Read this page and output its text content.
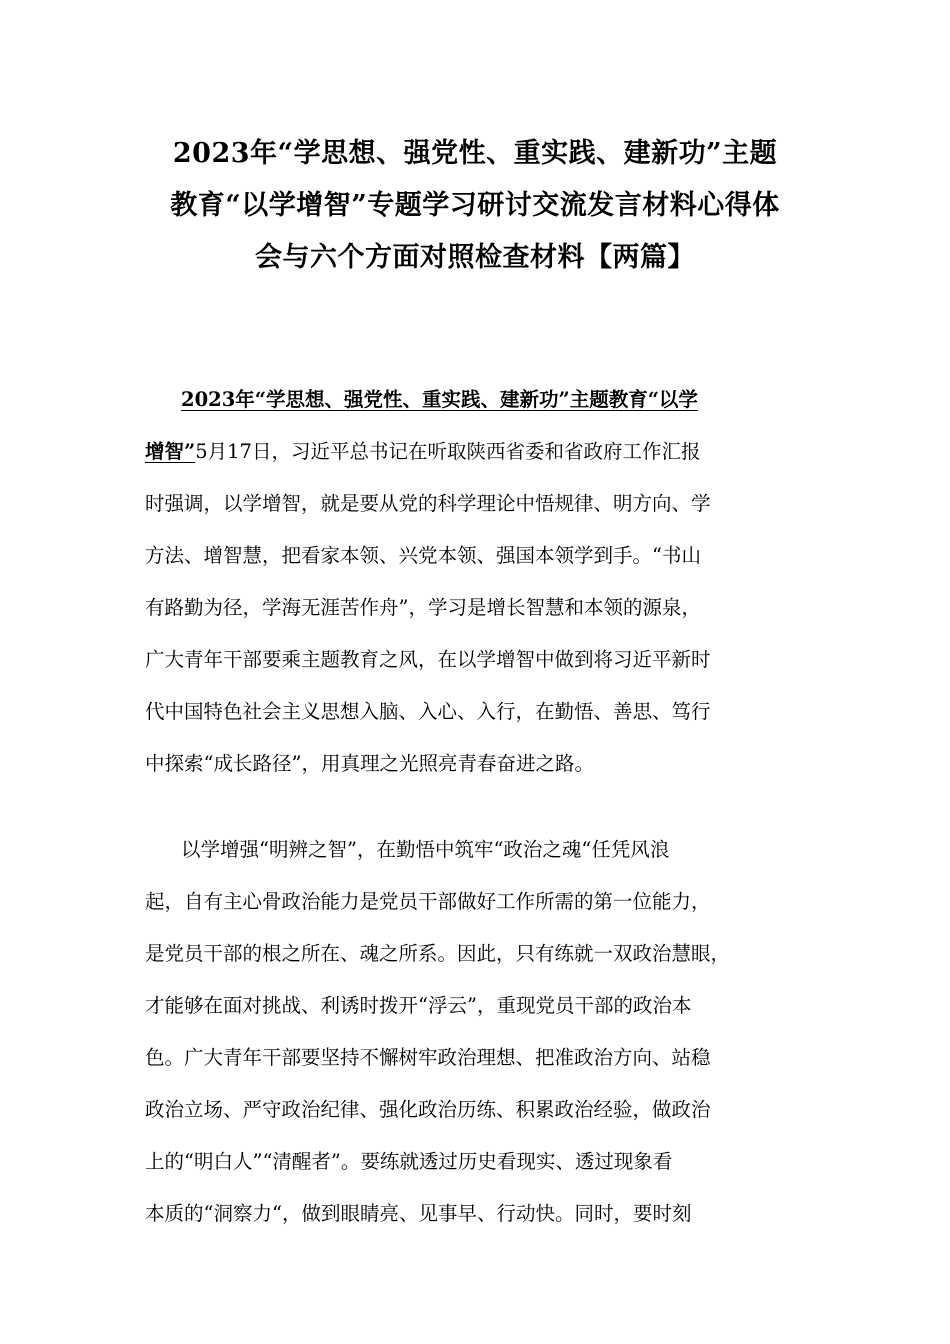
2023年“学思想、强党性、重实践、建新功”主题
教育“以学增智”专题学习研讨交流发言材料心得体
会与六个方面对照检查材料【两篇】
2023年“学思想、强党性、重实践、建新功”主题教育“以学
增智”5月17日，习近平总书记在听取陕西省委和省政府工作汇报
时强调，以学增智，就是要从党的科学理论中悟规律、明方向、学
方法、增智慧，把看家本领、兴党本领、强国本领学到手。“书山
有路勤为径，学海无涯苦作舟”，学习是增长智慧和本领的源泉，
广大青年干部要乘主题教育之风，在以学增智中做到将习近平新时
代中国特色社会主义思想入脑、入心、入行，在勤悟、善思、笃行
中探索“成长路径”，用真理之光照亮青春奋进之路。
以学增强“明辨之智”，在勤悟中筑牢“政治之魂“任凭风浪
起，自有主心骨政治能力是党员干部做好工作所需的第一位能力，
是党员干部的根之所在、魂之所系。因此，只有练就一双政治慧眼，
才能够在面对挑战、利诱时拨开“浮云”，重现党员干部的政治本
色。广大青年干部要坚持不懈树牢政治理想、把准政治方向、站稳
政治立场、严守政治纪律、强化政治历练、积累政治经验，做政治
上的“明白人”“清醒者”。要练就透过历史看现实、透过现象看
本质的“洞察力“，做到眼睛亮、见事早、行动快。同时，要时刻
